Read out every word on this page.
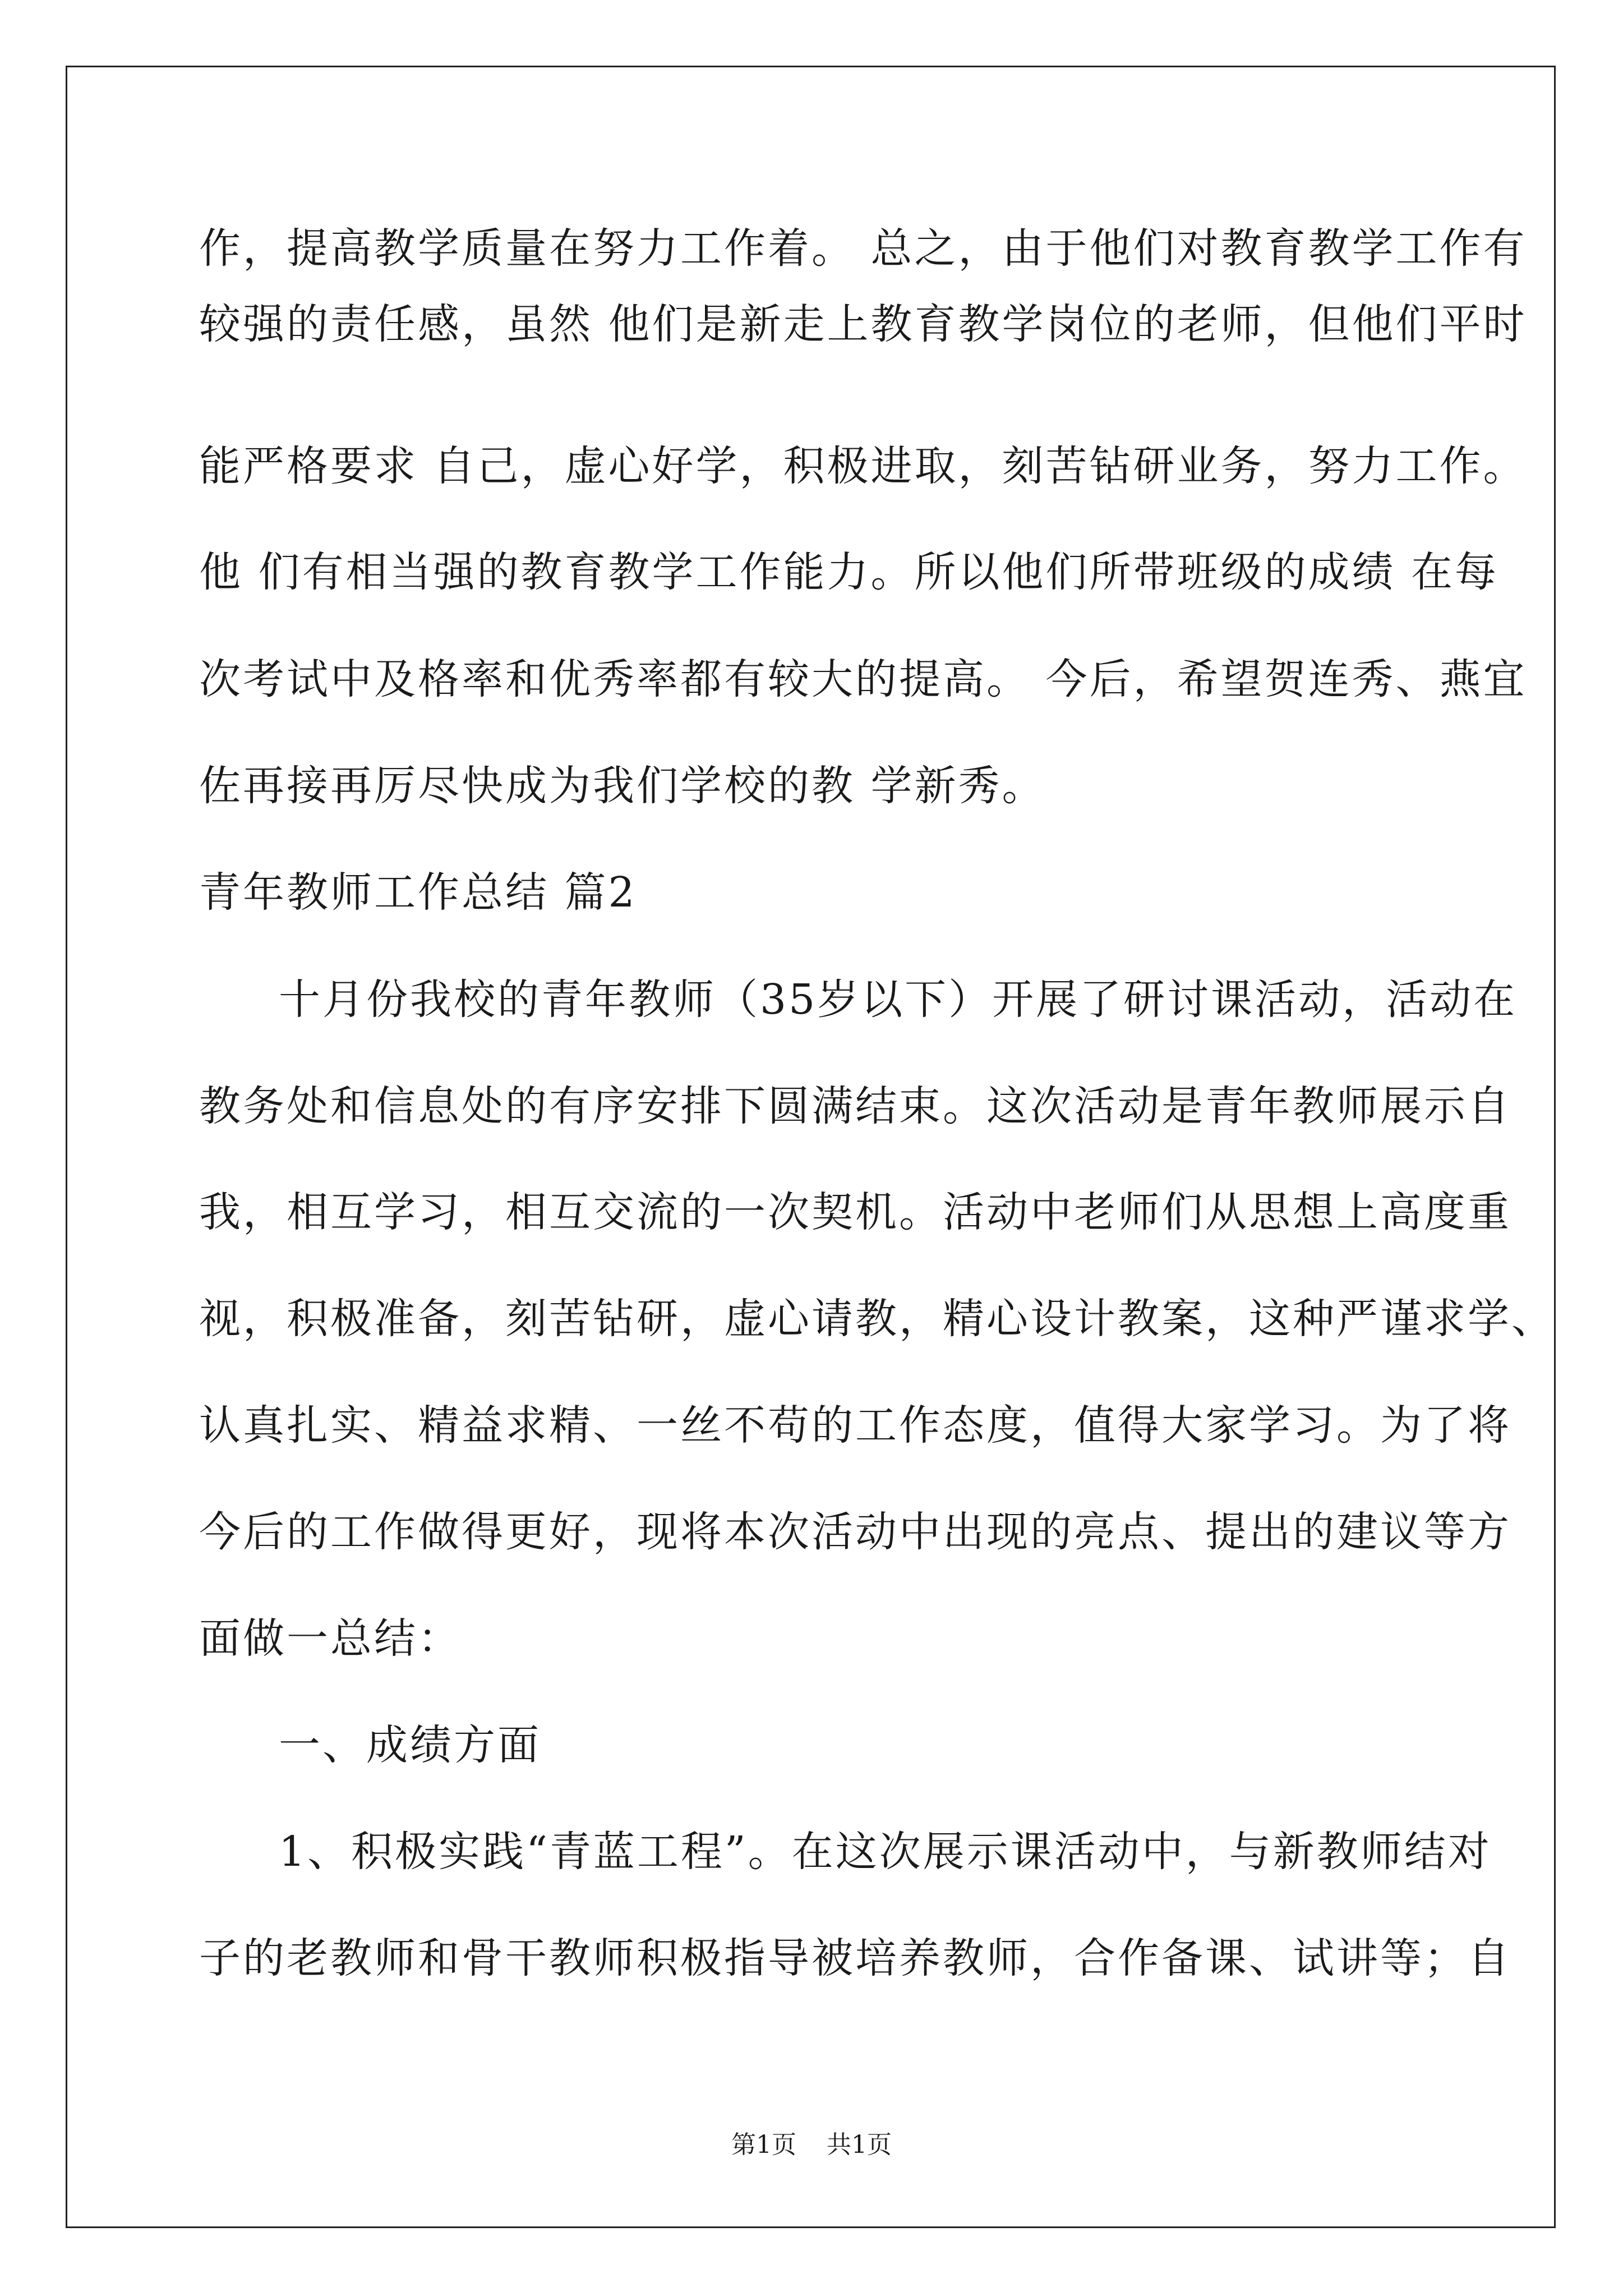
作，提高教学质量在努力工作着。 总之，由于他们对教育教学工作有
较强的责任感，虽然 他们是新走上教育教学岗位的老师，但他们平时
能严格要求 自己，虚心好学，积极进取，刻苦钻研业务，努力工作。
他 们有相当强的教育教学工作能力。所以他们所带班级的成绩 在每
次考试中及格率和优秀率都有较大的提高。 今后，希望贺连秀、燕宜
佐再接再厉尽快成为我们学校的教 学新秀。
青年教师工作总结 篇2
十月份我校的青年教师（35岁以下）开展了研讨课活动，活动在
教务处和信息处的有序安排下圆满结束。这次活动是青年教师展示自
我，相互学习，相互交流的一次契机。活动中老师们从思想上高度重
视，积极准备，刻苦钻研，虚心请教，精心设计教案，这种严谨求学、
认真扎实、精益求精、一丝不苟的工作态度，值得大家学习。为了将
今后的工作做得更好，现将本次活动中出现的亮点、提出的建议等方
面做一总结：
一、成绩方面
1、积极实践“青蓝工程”。在这次展示课活动中，与新教师结对
子的老教师和骨干教师积极指导被培养教师，合作备课、试讲等；自
第1页 共1页
